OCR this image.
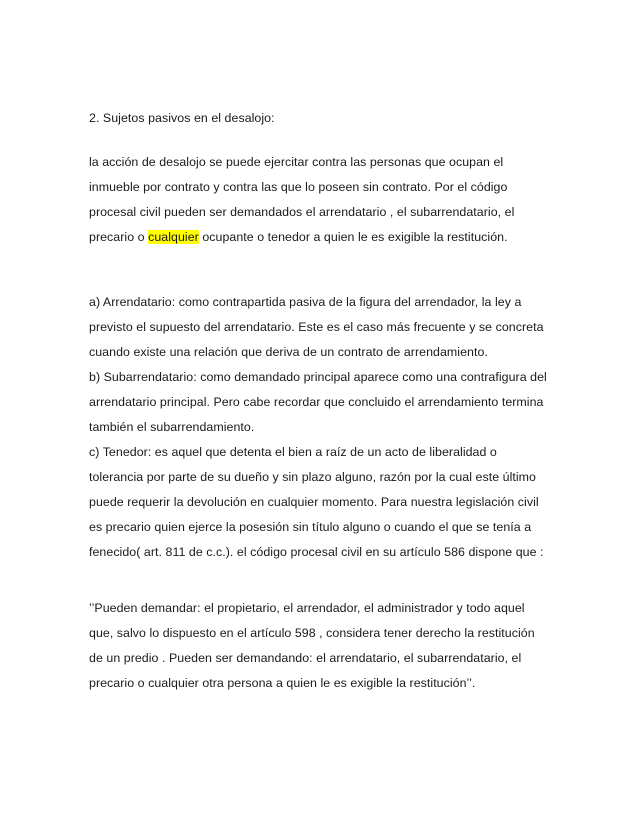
2. Sujetos pasivos en el desalojo:
la acción de desalojo se puede ejercitar contra las personas que ocupan el
inmueble por contrato y contra las que lo poseen sin contrato. Por el código
procesal civil pueden ser demandados el arrendatario , el subarrendatario, el
precario o cualquier ocupante o tenedor a quien le es exigible la restitución.
a) Arrendatario: como contrapartida pasiva de la figura del arrendador, la ley a
previsto el supuesto del arrendatario. Este es el caso más frecuente y se concreta
cuando existe una relación que deriva de un contrato de arrendamiento.
b) Subarrendatario: como demandado principal aparece como una contrafigura del
arrendatario principal. Pero cabe recordar que concluido el arrendamiento termina
también el subarrendamiento.
c) Tenedor: es aquel que detenta el bien a raíz de un acto de liberalidad o
tolerancia por parte de su dueño y sin plazo alguno, razón por la cual este último
puede requerir la devolución en cualquier momento. Para nuestra legislación civil
es precario quien ejerce la posesión sin título alguno o cuando el que se tenía a
fenecido( art. 811 de c.c.). el código procesal civil en su artículo 586 dispone que :
’’Pueden demandar: el propietario, el arrendador, el administrador y todo aquel
que, salvo lo dispuesto en el artículo 598 , considera tener derecho la restitución
de un predio . Pueden ser demandando: el arrendatario, el subarrendatario, el
precario o cualquier otra persona a quien le es exigible la restitución’’.
